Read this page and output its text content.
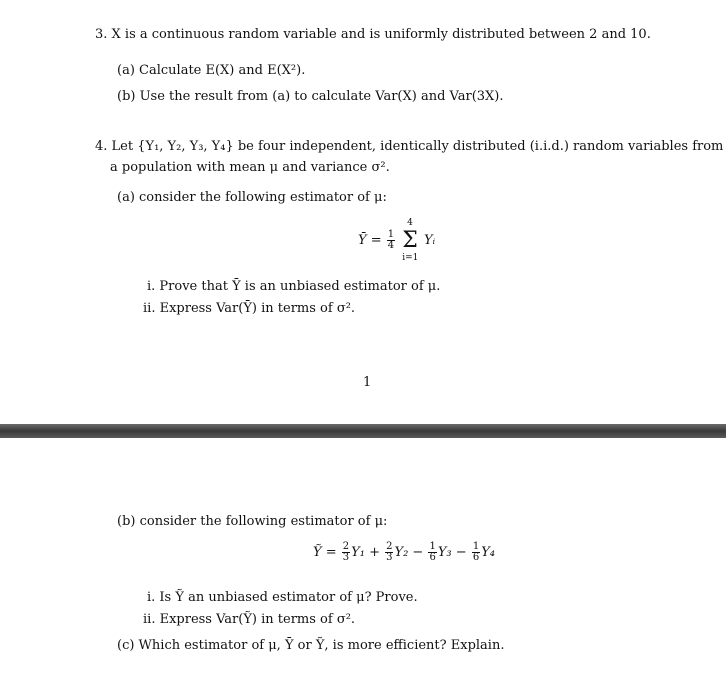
3. X is a continuous random variable and is uniformly distributed between 2 and 10.
(a) Calculate E(X) and E(X²).
(b) Use the result from (a) to calculate Var(X) and Var(3X).
4. Let {Y₁, Y₂, Y₃, Y₄} be four independent, identically distributed (i.i.d.) random variables from
a population with mean μ and variance σ².
(a) consider the following estimator of μ:
Ȳ = $\frac{1}{4}$ Σ
4
i=1
Yᵢ
i. Prove that Ȳ is an unbiased estimator of μ.
ii. Express Var(Ȳ) in terms of σ².
1
(b) consider the following estimator of μ:
Ỹ = $\frac{2}{3} Y_1 + \frac{2}{3} Y_2 - \frac{1}{6} Y_3 - \frac{1}{6} Y_4$
i. Is Ỹ an unbiased estimator of μ? Prove.
ii. Express Var(Ỹ) in terms of σ².
(c) Which estimator of μ, Ȳ or Ỹ, is more efficient? Explain.
